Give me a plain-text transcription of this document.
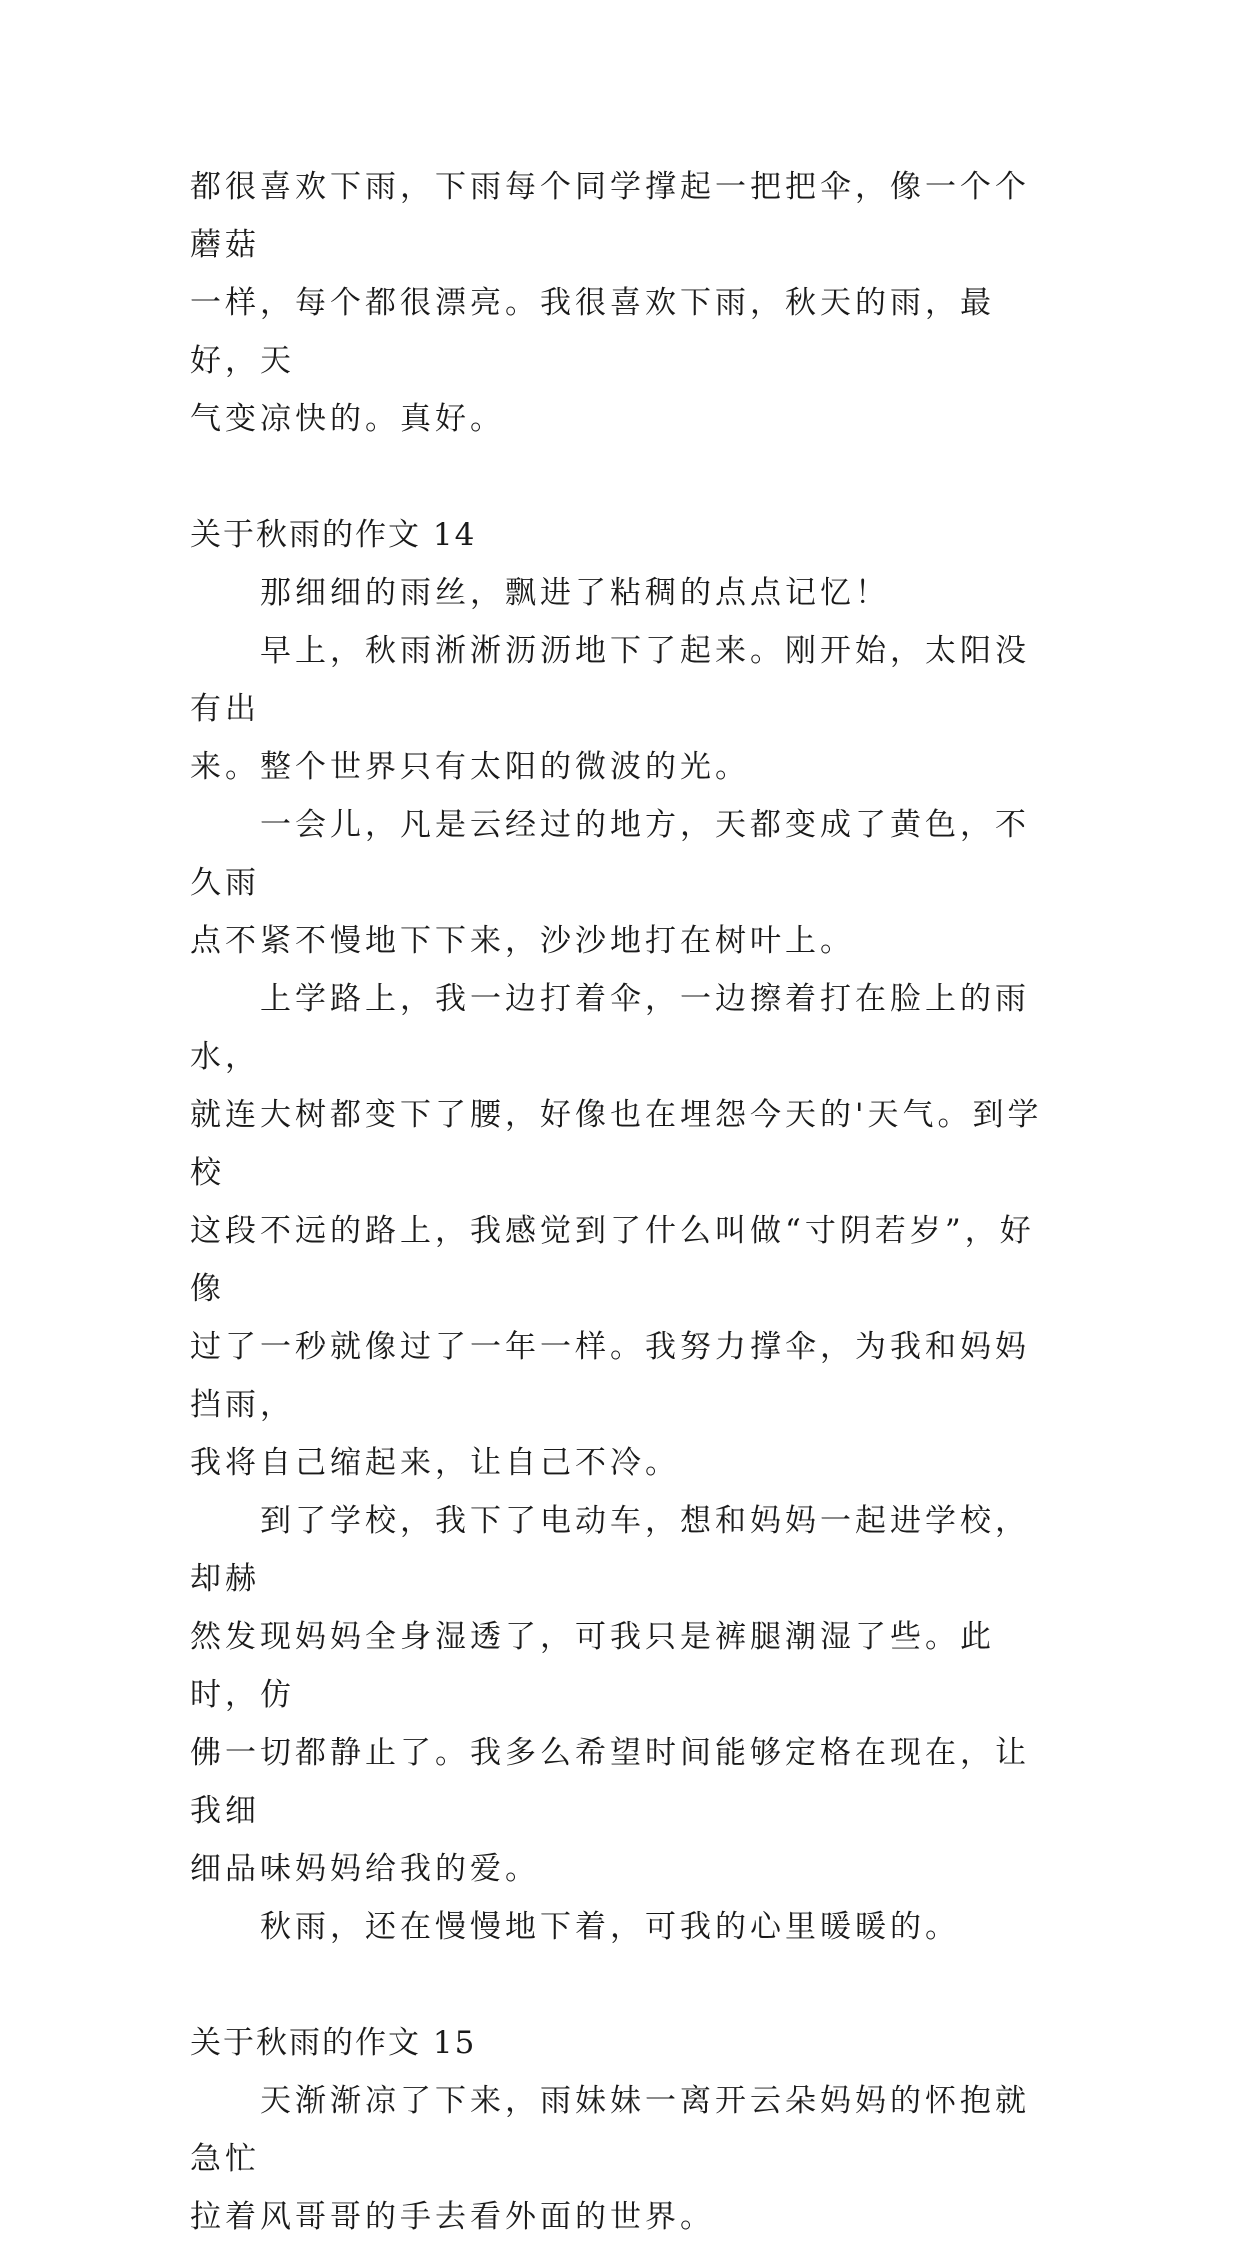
都很喜欢下雨，下雨每个同学撑起一把把伞，像一个个蘑菇

一样，每个都很漂亮。我很喜欢下雨，秋天的雨，最好，天

气变凉快的。真好。

关于秋雨的作文 14

　　那细细的雨丝，飘进了粘稠的点点记忆！

　　早上，秋雨淅淅沥沥地下了起来。刚开始，太阳没有出

来。整个世界只有太阳的微波的光。

　　一会儿，凡是云经过的地方，天都变成了黄色，不久雨

点不紧不慢地下下来，沙沙地打在树叶上。

　　上学路上，我一边打着伞，一边擦着打在脸上的雨水，

就连大树都变下了腰，好像也在埋怨今天的'天气。到学校

这段不远的路上，我感觉到了什么叫做“寸阴若岁”，好像

过了一秒就像过了一年一样。我努力撑伞，为我和妈妈挡雨，

我将自己缩起来，让自己不冷。

　　到了学校，我下了电动车，想和妈妈一起进学校，却赫

然发现妈妈全身湿透了，可我只是裤腿潮湿了些。此时，仿

佛一切都静止了。我多么希望时间能够定格在现在，让我细

细品味妈妈给我的爱。

　　秋雨，还在慢慢地下着，可我的心里暖暖的。

关于秋雨的作文 15

　　天渐渐凉了下来，雨妹妹一离开云朵妈妈的怀抱就急忙

拉着风哥哥的手去看外面的世界。
